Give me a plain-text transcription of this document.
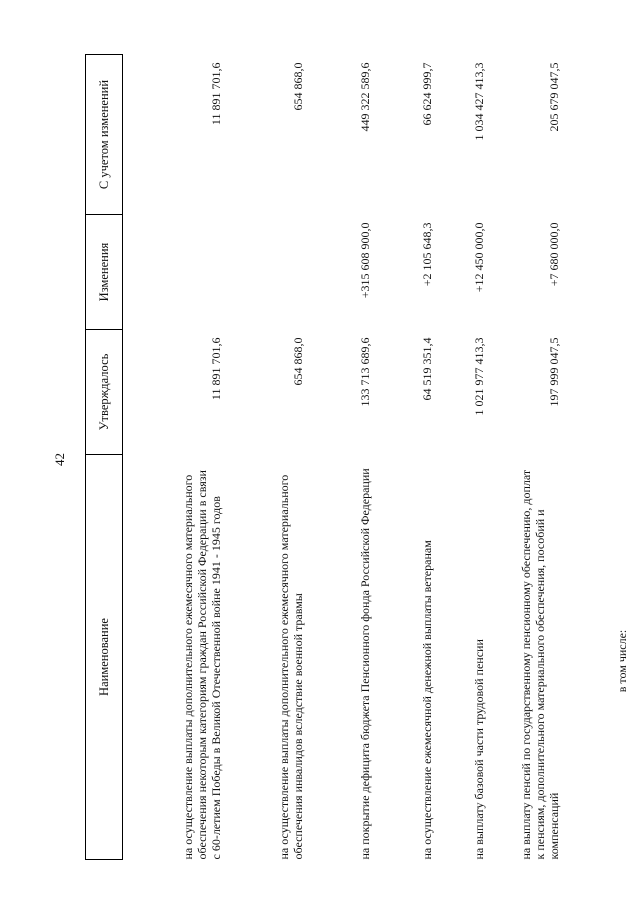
42
Наименование	Утверждалось	Изменения	С учетом изменений
на осуществление выплаты дополнительного ежемесячного материального обеспечения некоторым категориям граждан Российской Федерации в связи с 60-летием Победы в Великой Отечественной войне 1941 - 1945 годов	11 891 701,6		11 891 701,6
на осуществление выплаты дополнительного ежемесячного материального обеспечения инвалидов вследствие военной травмы	654 868,0		654 868,0
на покрытие дефицита бюджета Пенсионного фонда Российской Федерации	133 713 689,6	+315 608 900,0	449 322 589,6
на осуществление ежемесячной денежной выплаты ветеранам	64 519 351,4	+2 105 648,3	66 624 999,7
на выплату базовой части трудовой пенсии	1 021 977 413,3	+12 450 000,0	1 034 427 413,3
на выплату пенсий по государственному пенсионному обеспечению, доплат к пенсиям, дополнительного материального обеспечения, пособий и компенсаций	197 999 047,5	+7 680 000,0	205 679 047,5
в том числе:			
